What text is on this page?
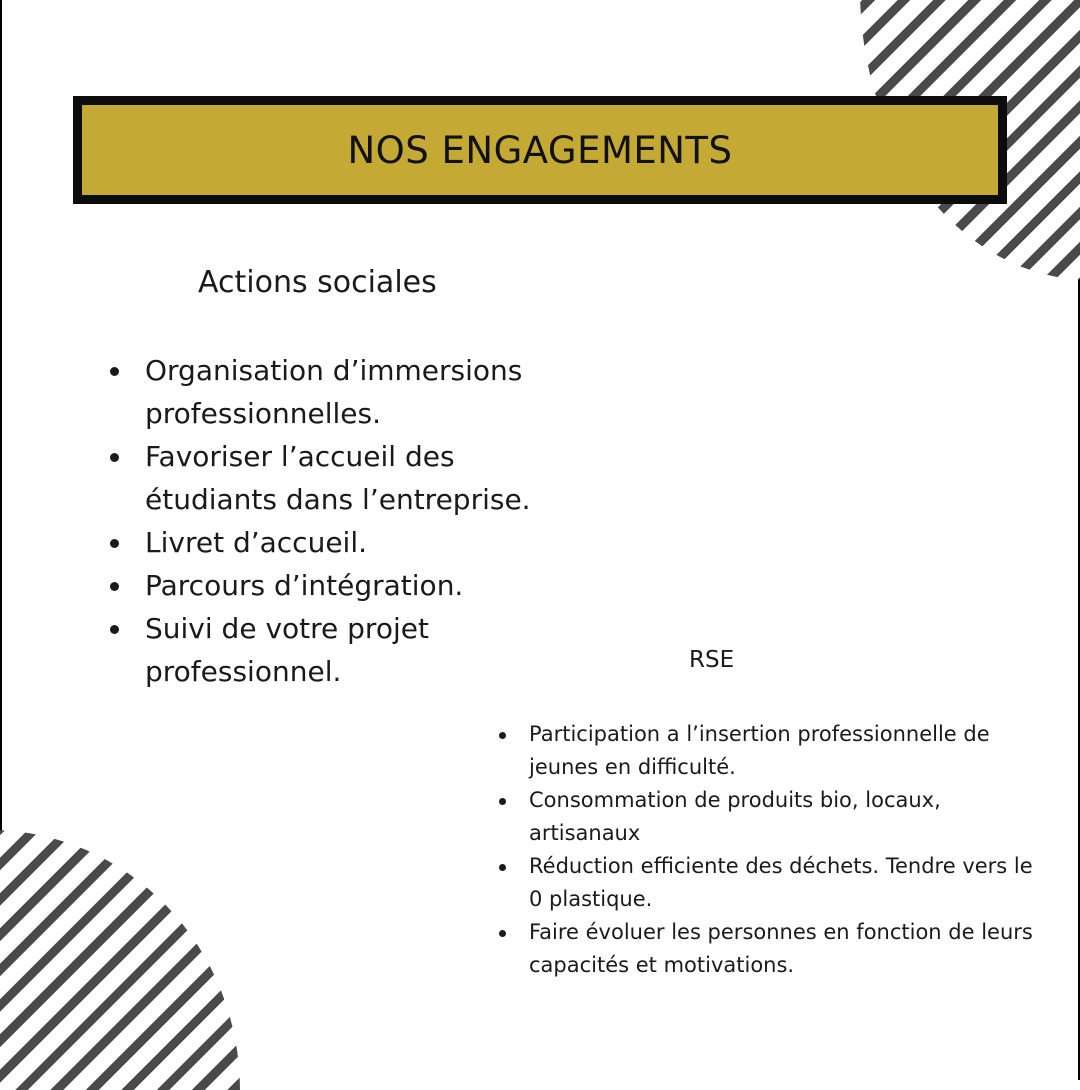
NOS ENGAGEMENTS
Actions sociales
Organisation d’immersions professionnelles.
Favoriser l’accueil des étudiants dans l’entreprise.
Livret d’accueil.
Parcours d’intégration.
Suivi de votre projet professionnel.	RSE
Participation a l’insertion professionnelle de jeunes en difficulté.
Consommation de produits bio, locaux, artisanaux
Réduction efficiente des déchets. Tendre vers le 0 plastique.
Faire évoluer les personnes en fonction de leurs capacités et motivations.
